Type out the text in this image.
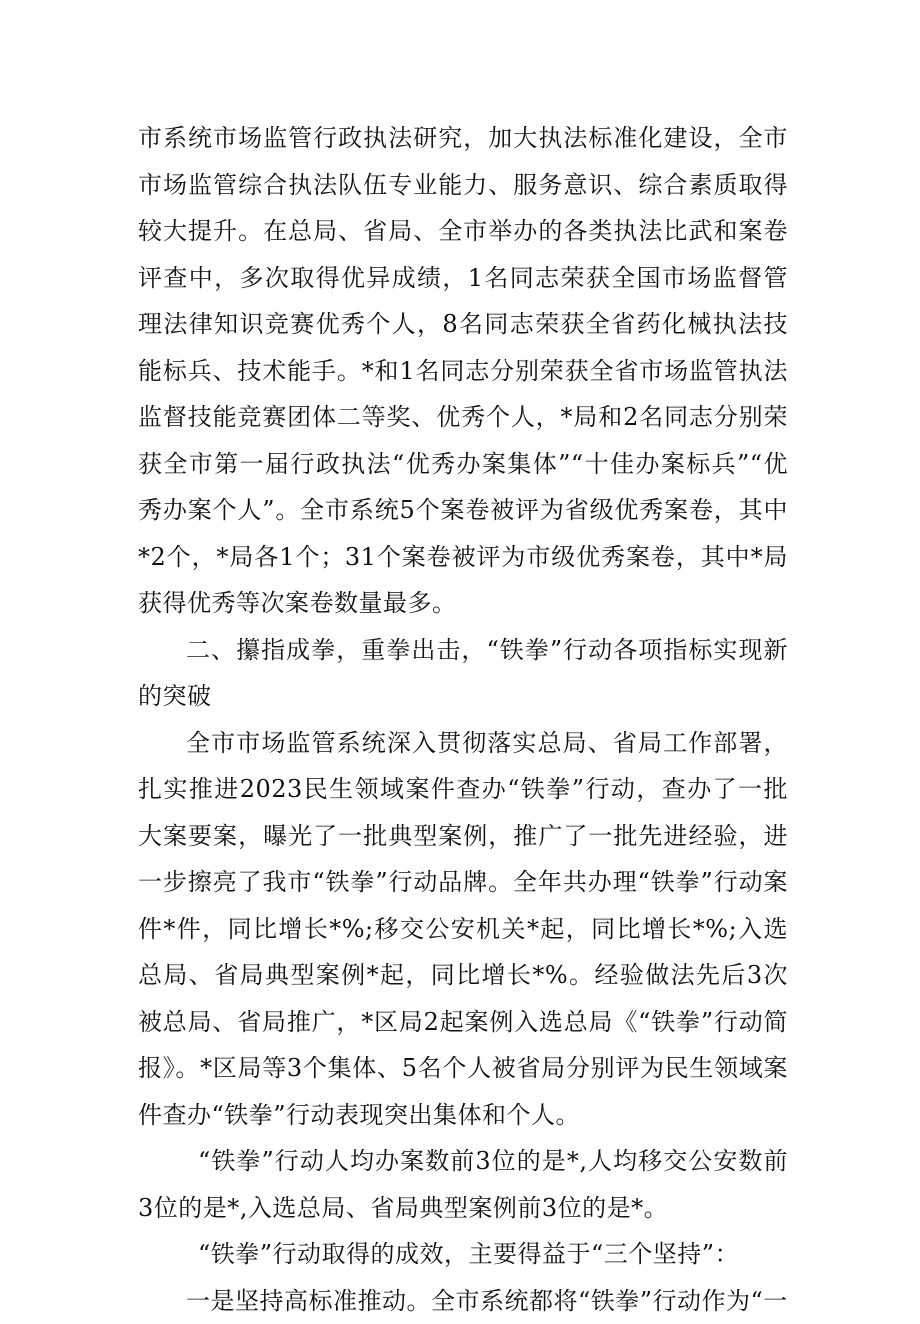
市系统市场监管行政执法研究，加大执法标准化建设，全市市场监管综合执法队伍专业能力、服务意识、综合素质取得较大提升。在总局、省局、全市举办的各类执法比武和案卷评查中，多次取得优异成绩，1名同志荣获全国市场监督管理法律知识竞赛优秀个人，8名同志荣获全省药化械执法技能标兵、技术能手。*和1名同志分别荣获全省市场监管执法监督技能竞赛团体二等奖、优秀个人，*局和2名同志分别荣获全市第一届行政执法“优秀办案集体”“十佳办案标兵”“优秀办案个人”。全市系统5个案卷被评为省级优秀案卷，其中*2个，*局各1个；31个案卷被评为市级优秀案卷，其中*局获得优秀等次案卷数量最多。

二、攥指成拳，重拳出击，“铁拳”行动各项指标实现新的突破

全市市场监管系统深入贯彻落实总局、省局工作部署，扎实推进2023民生领域案件查办“铁拳”行动，查办了一批大案要案，曝光了一批典型案例，推广了一批先进经验，进一步擦亮了我市“铁拳”行动品牌。全年共办理“铁拳”行动案件*件，同比增长*%;移交公安机关*起，同比增长*%;入选总局、省局典型案例*起，同比增长*%。经验做法先后3次被总局、省局推广，*区局2起案例入选总局《“铁拳”行动简报》。*区局等3个集体、5名个人被省局分别评为民生领域案件查办“铁拳”行动表现突出集体和个人。

“铁拳”行动人均办案数前3位的是*,人均移交公安数前3位的是*,入选总局、省局典型案例前3位的是*。

“铁拳”行动取得的成效，主要得益于“三个坚持”：

一是坚持高标准推动。全市系统都将“铁拳”行动作为“一
